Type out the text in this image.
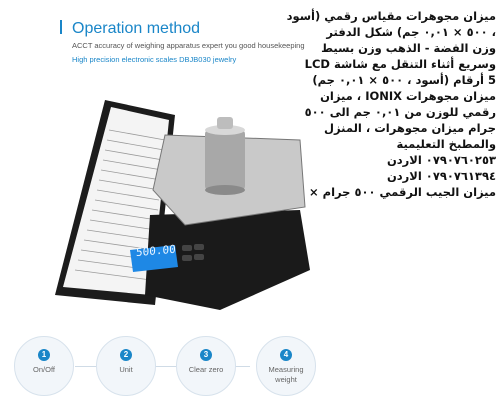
Operation method
ACCT accuracy of weighing apparatus expert you good housekeeping
High precision electronic scales DBJB030 jewelry
ميزان مجوهرات مقياس رقمي (أسود
، ٥٠٠ × ٠,٠١ جم) شكل الدفتر
وزن الفضة - الذهب وزن بسيط
وسريع أثناء التنقل مع شاشة LCD
5 أرقام (أسود ، ٥٠٠ × ٠,٠١ جم)
ميزان مجوهرات IONIX ، ميزان
رقمي للوزن من ٠,٠١ جم الى ٥٠٠
جرام ميزان مجوهرات ، المنزل
والمطبخ التعليمية
٠٧٩٠٧٦٠٢٥٣ الاردن
٠٧٩٠٧٦١٣٩٤ الاردن
ميزان الجيب الرقمي ٥٠٠ جرام ×
500.00
1
On/Off
2
Unit
3
Clear zero
4
Measuring weight
